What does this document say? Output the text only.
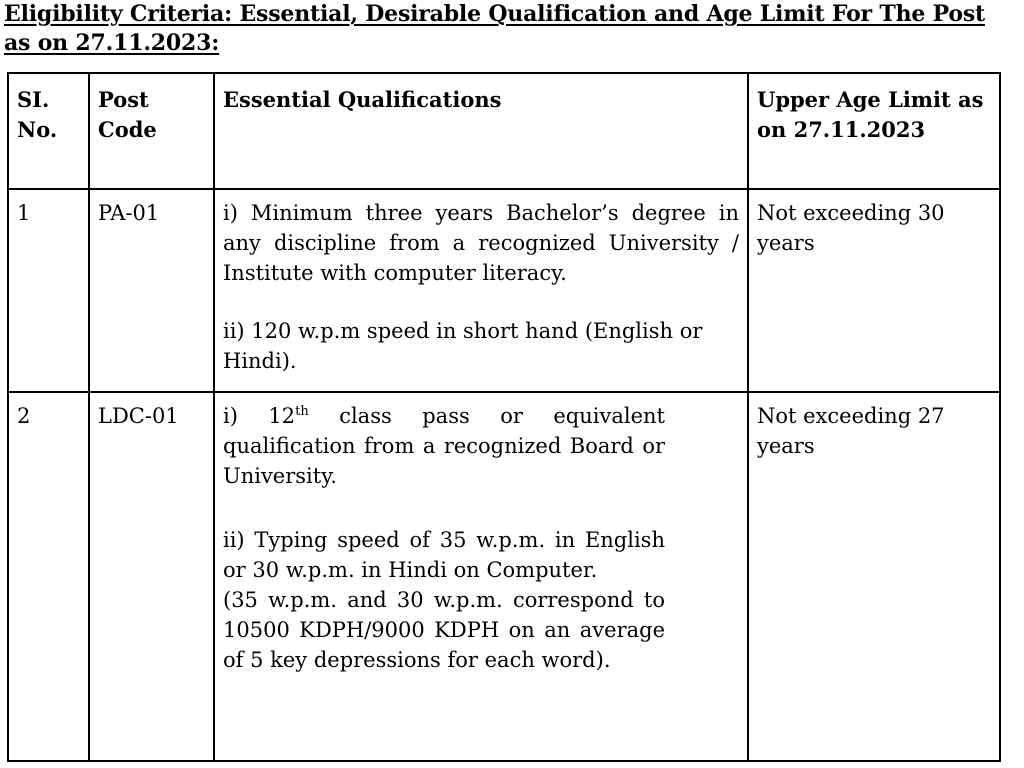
Eligibility Criteria: Essential, Desirable Qualification and Age Limit For The Post as on 27.11.2023:
SI. No.	Post Code	Essential Qualifications	Upper Age Limit as on 27.11.2023
1	PA-01	i) Minimum three years Bachelor’s degree in any discipline from a recognized University / Institute with computer literacy.

ii) 120 w.p.m speed in short hand (English or Hindi).	Not exceeding 30 years
2	LDC-01	i) 12th class pass or equivalent qualification from a recognized Board or University.

ii) Typing speed of 35 w.p.m. in English or 30 w.p.m. in Hindi on Computer.

(35 w.p.m. and 30 w.p.m. correspond to 10500 KDPH/9000 KDPH on an average of 5 key depressions for each word).	Not exceeding 27 years
